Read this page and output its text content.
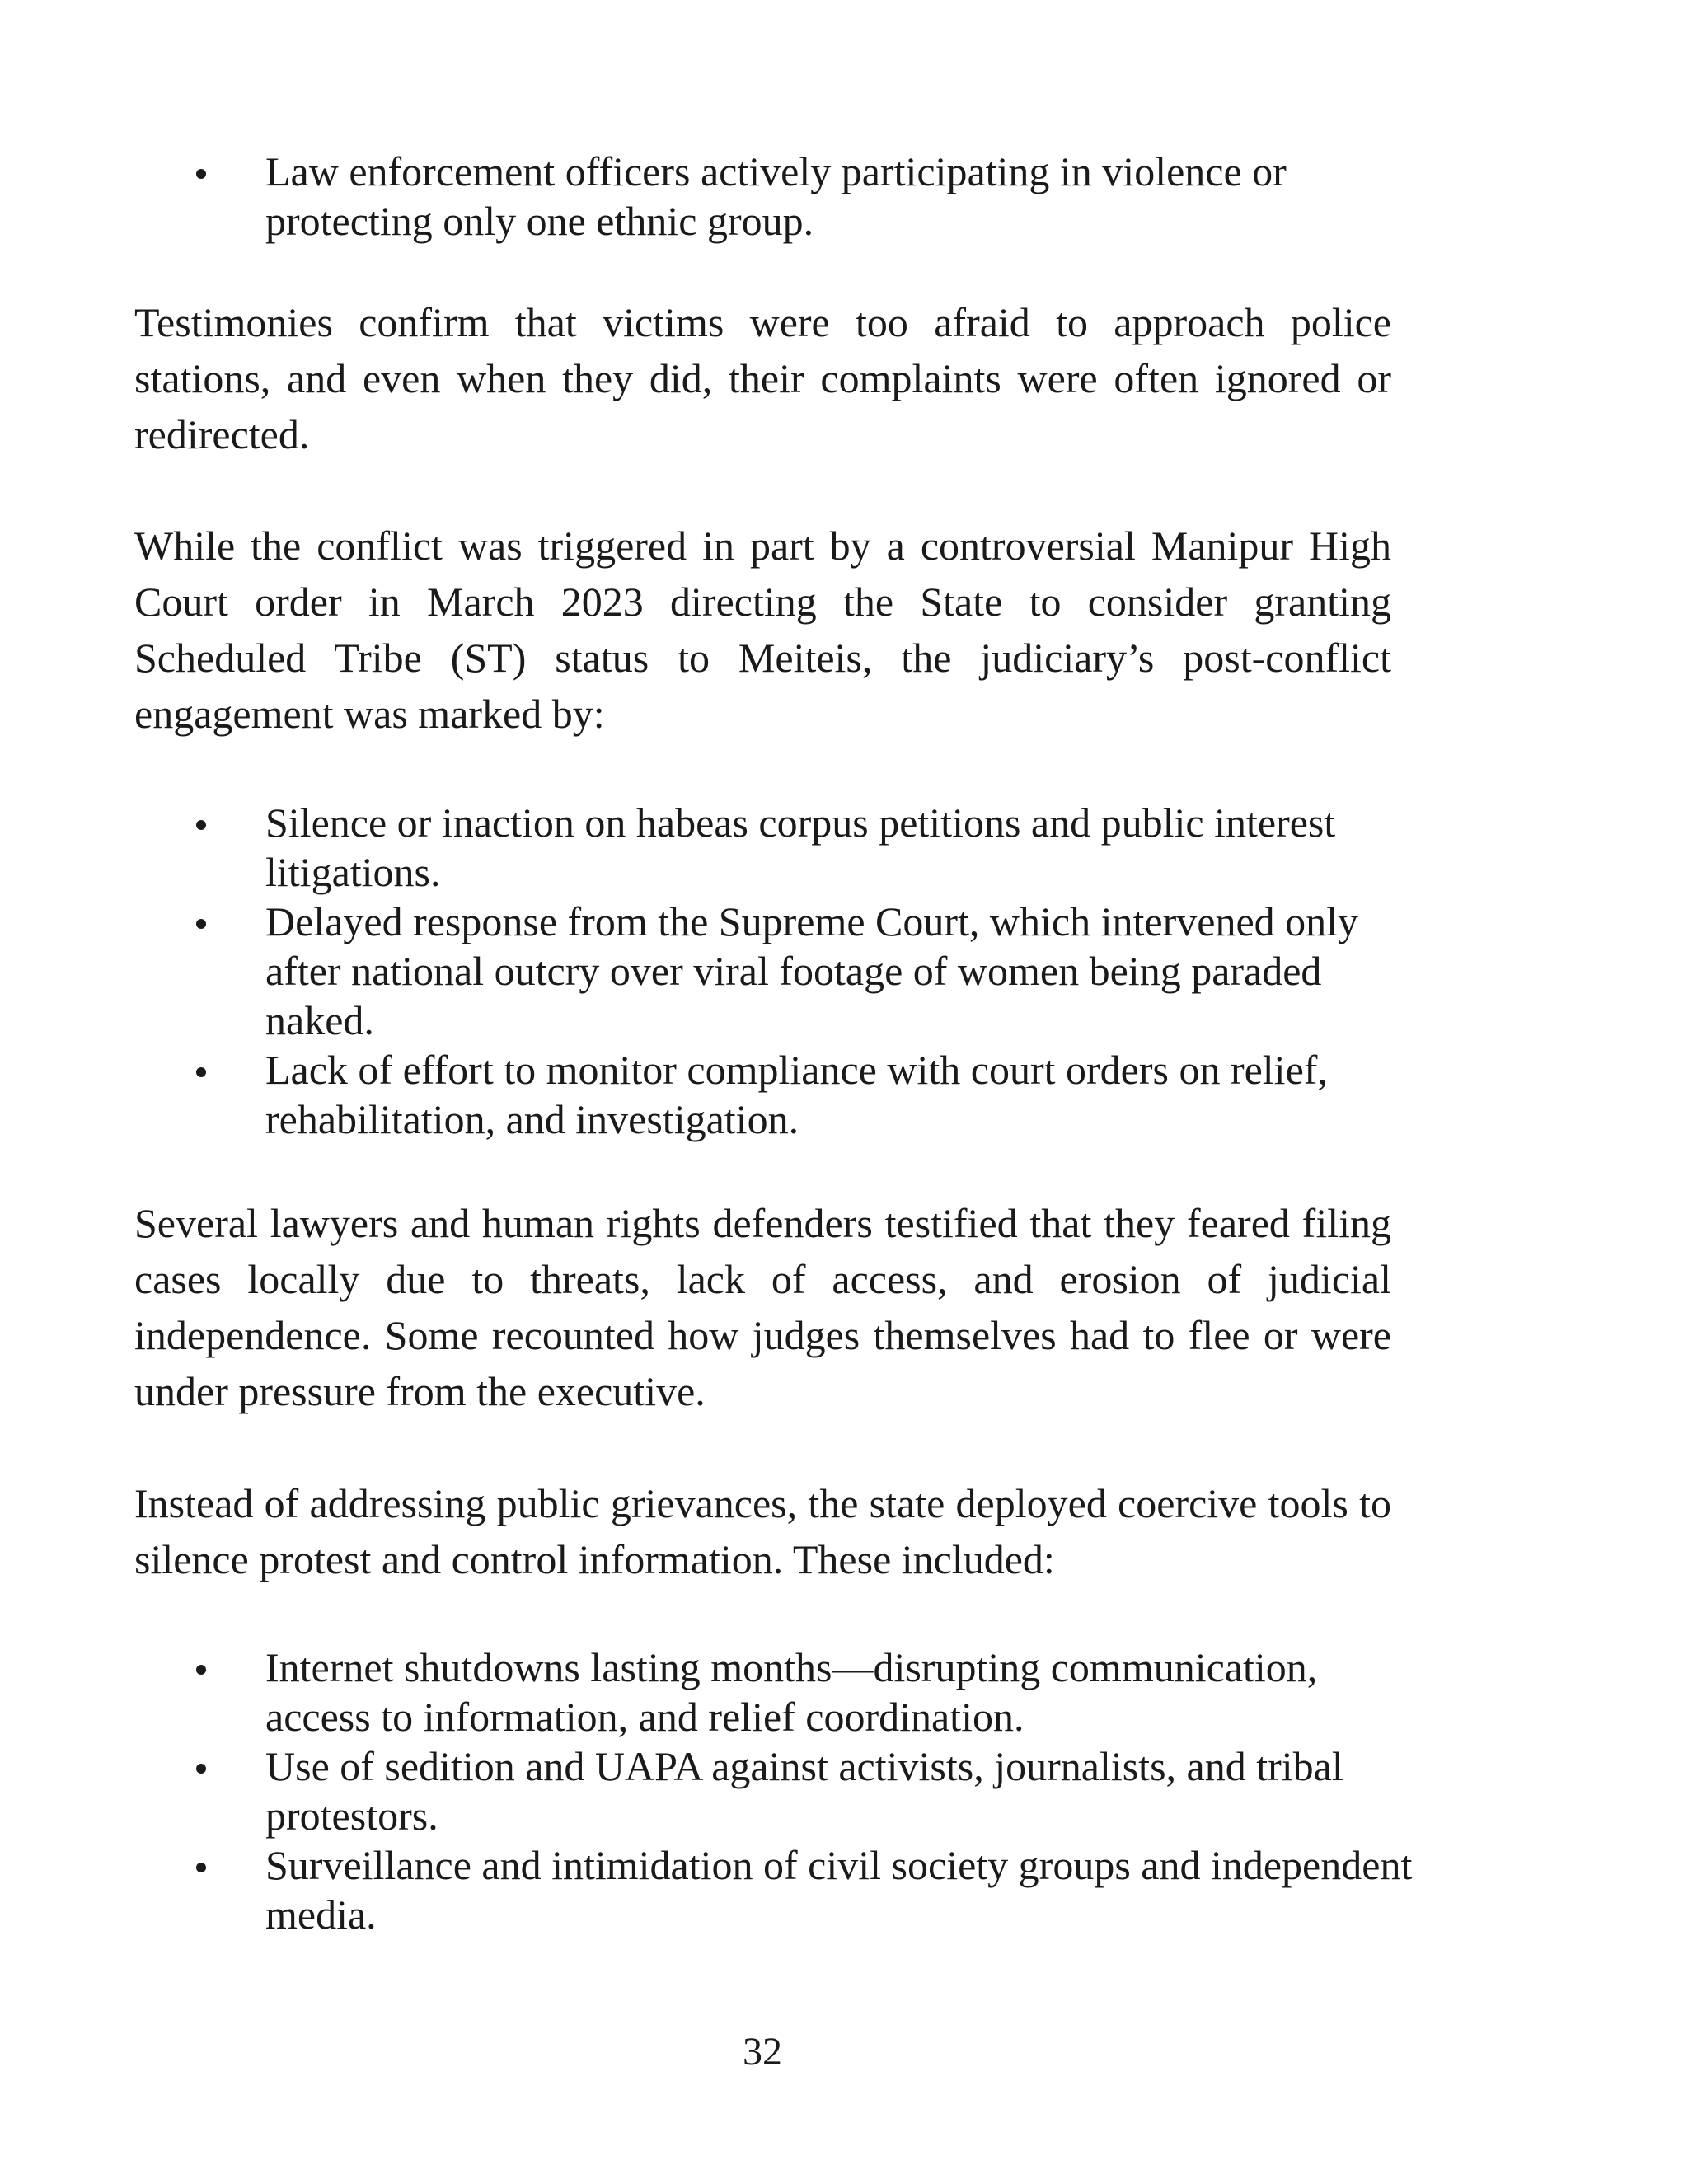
Law enforcement officers actively participating in violence or protecting only one ethnic group.

Testimonies confirm that victims were too afraid to approach police stations, and even when they did, their complaints were often ignored or redirected.

While the conflict was triggered in part by a controversial Manipur High Court order in March 2023 directing the State to consider granting Scheduled Tribe (ST) status to Meiteis, the judiciary’s post-conflict engagement was marked by:

Silence or inaction on habeas corpus petitions and public interest litigations.
Delayed response from the Supreme Court, which intervened only after national outcry over viral footage of women being paraded naked.
Lack of effort to monitor compliance with court orders on relief, rehabilitation, and investigation.

Several lawyers and human rights defenders testified that they feared filing cases locally due to threats, lack of access, and erosion of judicial independence. Some recounted how judges themselves had to flee or were under pressure from the executive.

Instead of addressing public grievances, the state deployed coercive tools to silence protest and control information. These included:

Internet shutdowns lasting months—disrupting communication, access to information, and relief coordination.
Use of sedition and UAPA against activists, journalists, and tribal protestors.
Surveillance and intimidation of civil society groups and independent media.
32
